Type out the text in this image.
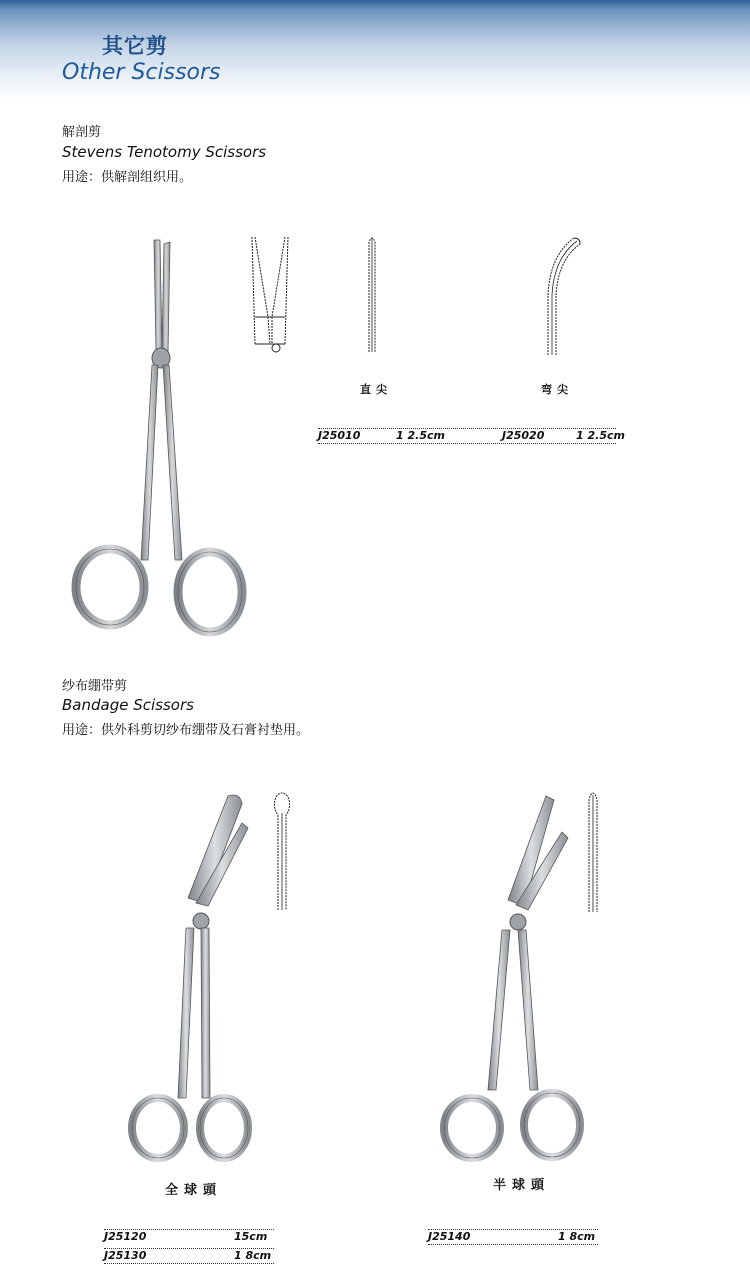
其它剪
Other Scissors
解剖剪
Stevens Tenotomy Scissors
用途：供解剖组织用。
直尖	弯尖
J25010	1 2.5cm	J25020	1 2.5cm
纱布绷带剪
Bandage Scissors
用途：供外科剪切纱布绷带及石膏衬垫用。
全球頭
J25120	15cm
J25130	1 8cm
半球頭
J25140	1 8cm
